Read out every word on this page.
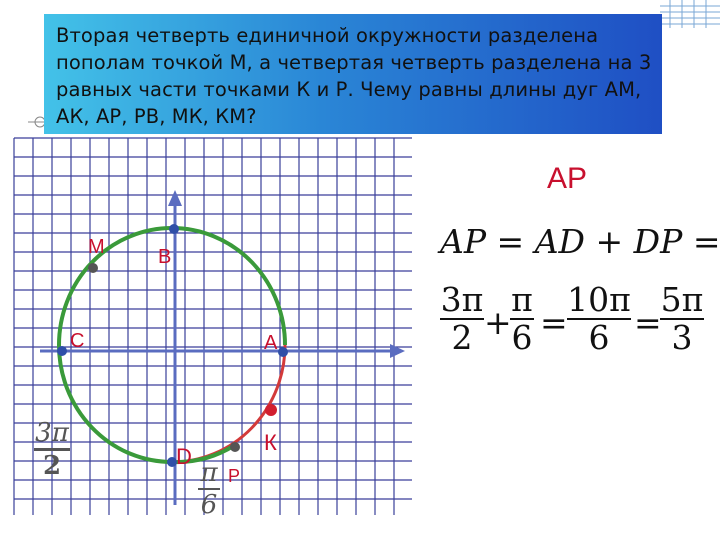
Вторая четверть единичной окружности разделена пополам точкой М, а четвертая четверть разделена на 3 равных части точками К и Р. Чему равны длины дуг АМ, АК, АР, РВ, МК, КМ?
АР
М	В
С	А
К
D
Р
3π
2	π
6
AP = AD + DP =
3π
2 +
π
6 =
10π
6 =
5π
3
